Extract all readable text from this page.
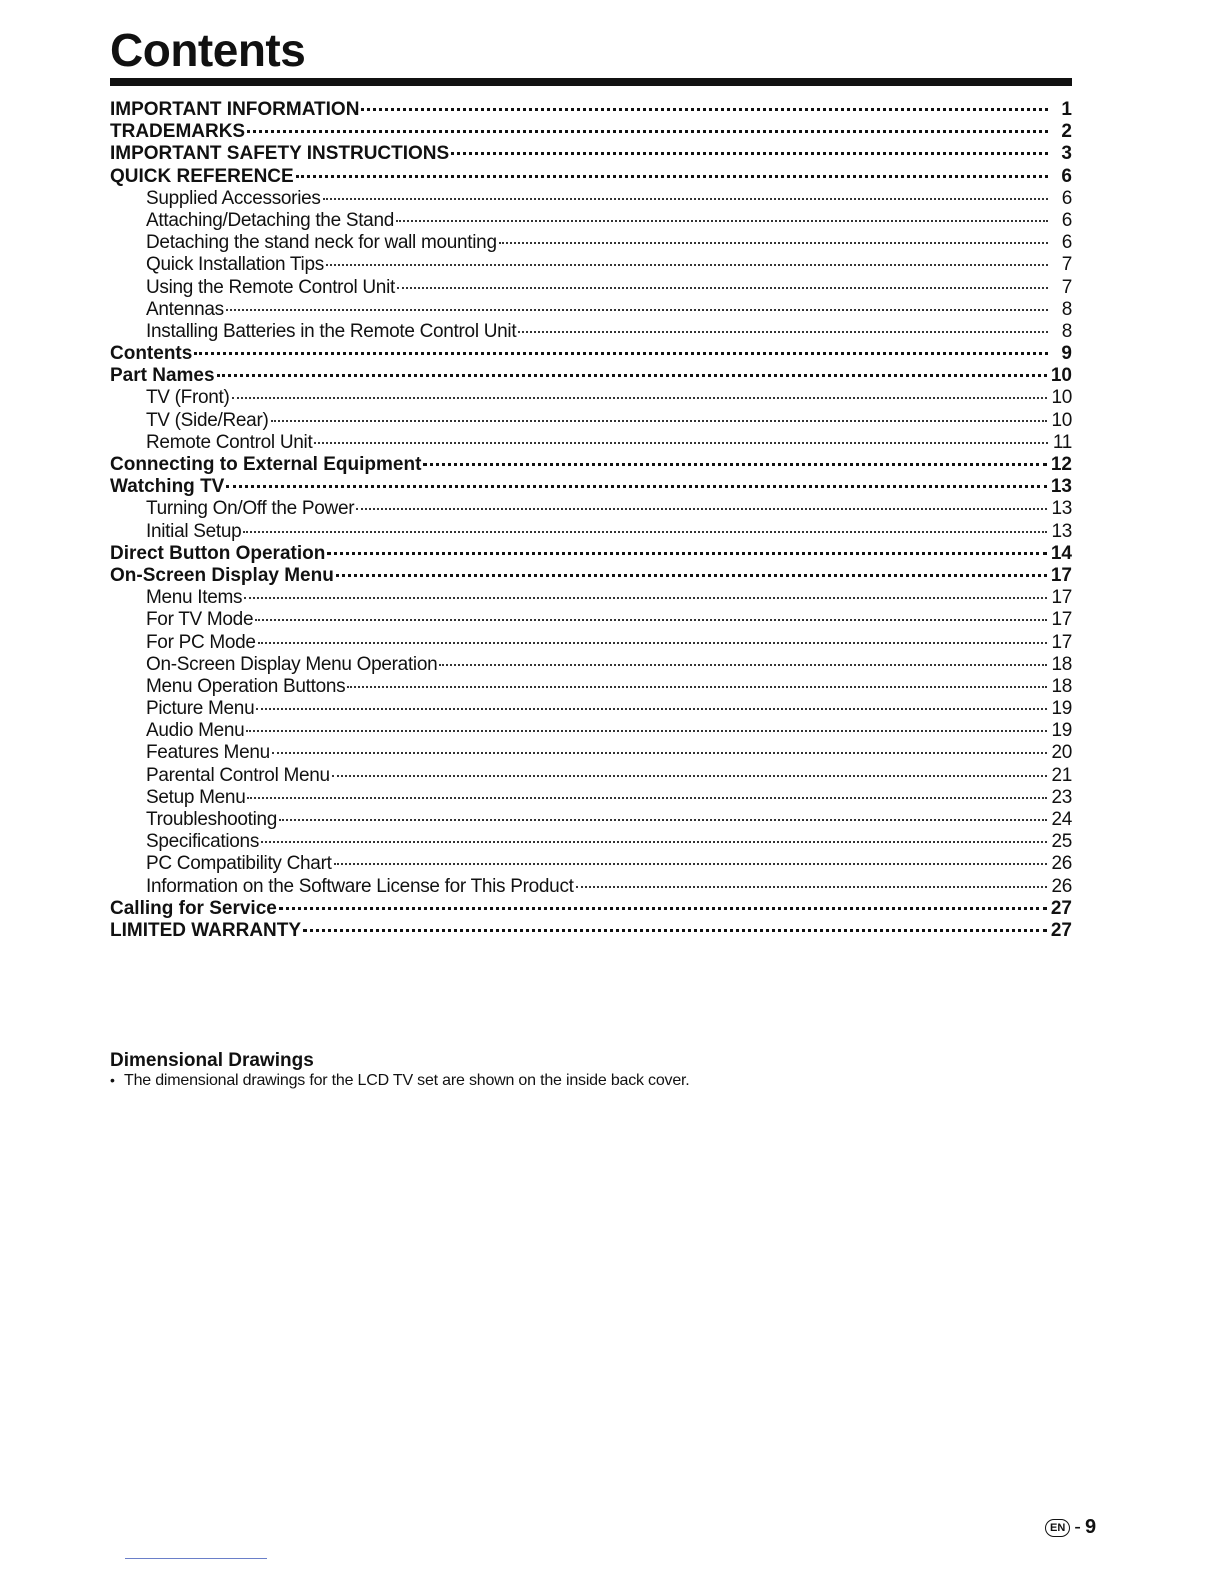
Contents
IMPORTANT INFORMATION	1
TRADEMARKS	2
IMPORTANT SAFETY INSTRUCTIONS	3
QUICK REFERENCE	6
Supplied Accessories	6
Attaching/Detaching the Stand	6
Detaching the stand neck for wall mounting	6
Quick Installation Tips	7
Using the Remote Control Unit	7
Antennas	8
Installing Batteries in the Remote Control Unit	8
Contents	9
Part Names	10
TV (Front)	10
TV (Side/Rear)	10
Remote Control Unit	11
Connecting to External Equipment	12
Watching TV	13
Turning On/Off the Power	13
Initial Setup	13
Direct Button Operation	14
On-Screen Display Menu	17
Menu Items	17
For TV Mode	17
For PC Mode	17
On-Screen Display Menu Operation	18
Menu Operation Buttons	18
Picture Menu	19
Audio Menu	19
Features Menu	20
Parental Control Menu	21
Setup Menu	23
Troubleshooting	24
Specifications	25
PC Compatibility Chart	26
Information on the Software License for This Product	26
Calling for Service	27
LIMITED WARRANTY	27
Dimensional Drawings
• The dimensional drawings for the LCD TV set are shown on the inside back cover.
EN - 9
